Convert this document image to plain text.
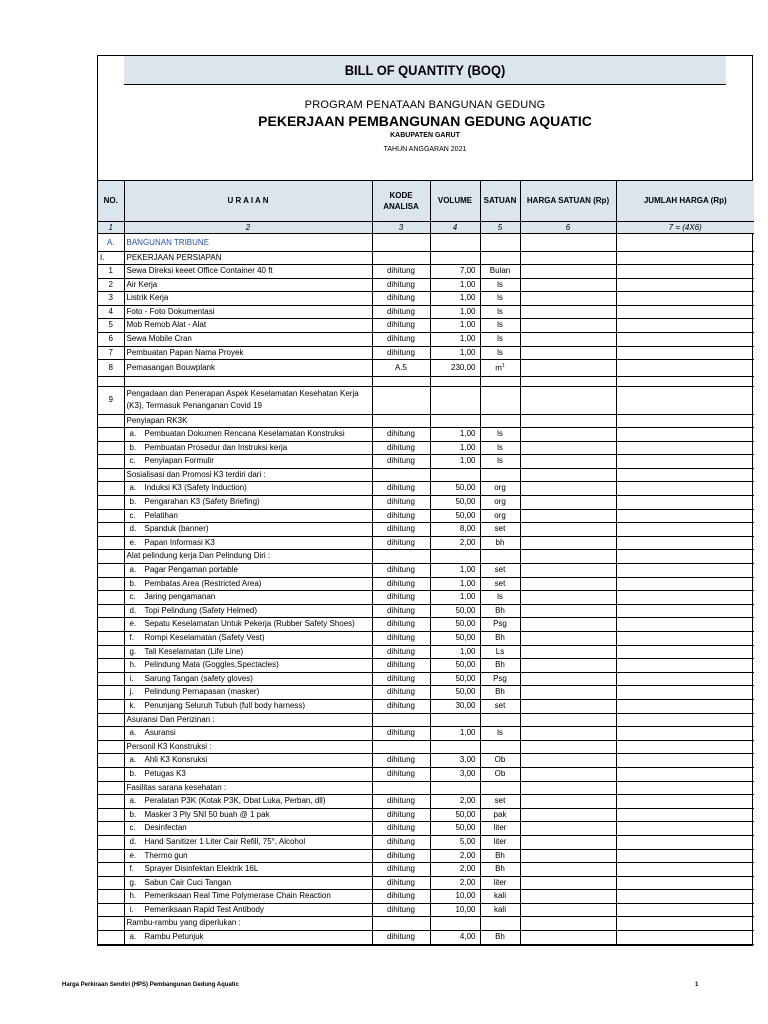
BILL OF QUANTITY (BOQ)
PROGRAM PENATAAN BANGUNAN GEDUNG
PEKERJAAN PEMBANGUNAN GEDUNG AQUATIC
KABUPATEN GARUT
TAHUN ANGGARAN 2021
NO.	U R A I A N	KODE ANALISA	VOLUME	SATUAN	HARGA SATUAN (Rp)	JUMLAH HARGA (Rp)
1	2	3	4	5	6	7 = (4X6)
A.	BANGUNAN TRIBUNE					
I.	PEKERJAAN PERSIAPAN					
1	Sewa Direksi keeet Office Container 40 ft	dihitung	7,00	Bulan		
2	Air Kerja	dihitung	1,00	ls		
3	Listrik Kerja	dihitung	1,00	ls		
4	Foto - Foto Dokumentasi	dihitung	1,00	ls		
5	Mob Remob Alat - Alat	dihitung	1,00	ls		
6	Sewa Mobile Cran	dihitung	1,00	ls		
7	Pembuatan Papan Nama Proyek	dihitung	1,00	ls		
8	Pemasangan Bouwplank	A.5	230,00	$m^1$		

9	Pengadaan dan Penerapan Aspek Keselamatan Kesehatan Kerja (K3), Termasuk Penanganan Covid 19					
	Penyiapan RK3K					
	a. Pembuatan Dokumen Rencana Keselamatan Konstruksi	dihitung	1,00	ls		
	b. Pembuatan Prosedur dan Instruksi kerja	dihitung	1,00	ls		
	c. Penyiapan Formulir	dihitung	1,00	ls		
	Sosialisasi dan Promosi K3 terdiri dari :					
	a. Induksi K3 (Safety Induction)	dihitung	50,00	org		
	b. Pengarahan K3 (Safety Briefing)	dihitung	50,00	org		
	c. Pelatihan	dihitung	50,00	org		
	d. Spanduk (banner)	dihitung	8,00	set		
	e. Papan Informasi K3	dihitung	2,00	bh		
	Alat pelindung kerja Dan Pelindung Diri :					
	a. Pagar Pengaman portable	dihitung	1,00	set		
	b. Pembatas Area (Restricted Area)	dihitung	1,00	set		
	c. Jaring pengamanan	dihitung	1,00	ls		
	d. Topi Pelindung (Safety Helmed)	dihitung	50,00	Bh		
	e. Sepatu Keselamatan Untuk Pekerja (Rubber Safety Shoes)	dihitung	50,00	Psg		
	f. Rompi Keselamatan (Safety Vest)	dihitung	50,00	Bh		
	g. Tali Keselamatan (Life Line)	dihitung	1,00	Ls		
	h. Pelindung Mata (Goggles,Spectacles)	dihitung	50,00	Bh		
	i. Sarung Tangan (safety gloves)	dihitung	50,00	Psg		
	j. Pelindung Pernapasan (masker)	dihitung	50,00	Bh		
	k. Penunjang Seluruh Tubuh (full body harness)	dihitung	30,00	set		
	Asuransi Dan Perizinan :					
	a. Asuransi	dihitung	1,00	ls		
	Personil K3 Konstruksi :					
	a. Ahli K3 Konsruksi	dihitung	3,00	Ob		
	b. Petugas K3	dihitung	3,00	Ob		
	Fasilitas sarana kesehatan :					
	a. Peralatan P3K (Kotak P3K, Obat Luka, Perban, dll)	dihitung	2,00	set		
	b. Masker 3 Ply SNI 50 buah @ 1 pak	dihitung	50,00	pak		
	c. Desinfectan	dihitung	50,00	liter		
	d. Hand Sanitizer 1 Liter Cair Refill, 75°, Alcohol	dihitung	5,00	liter		
	e. Thermo gun	dihitung	2,00	Bh		
	f. Sprayer Disinfektan Elektrik 16L	dihitung	2,00	Bh		
	g. Sabun Cair Cuci Tangan	dihitung	2,00	liter		
	h. Pemeriksaan Real Time Polymerase Chain Reaction	dihitung	10,00	kali		
	i. Pemeriksaan Rapid Test Antibody	dihitung	10,00	kali		
	Rambu-rambu yang diperlukan :					
	a. Rambu Petunjuk	dihitung	4,00	Bh		
Harga Perkiraan Sendiri (HPS) Pembangunan Gedung Aquatic	1
